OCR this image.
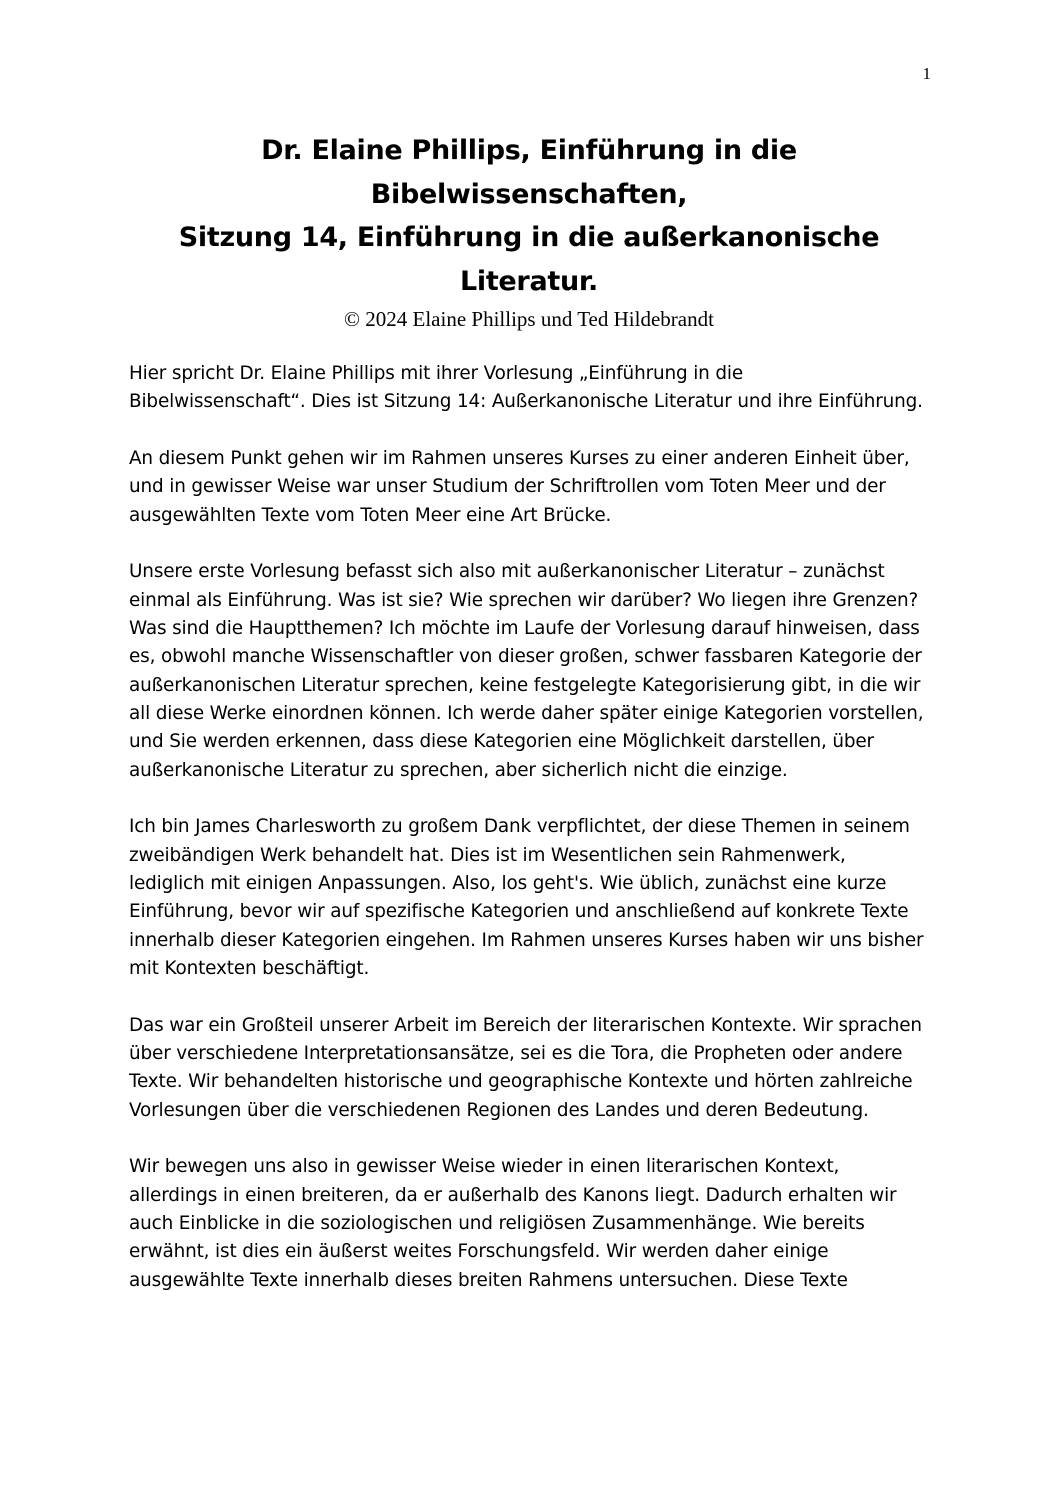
1
Dr. Elaine Phillips, Einführung in die
Bibelwissenschaften,
Sitzung 14, Einführung in die außerkanonische
Literatur.
© 2024 Elaine Phillips und Ted Hildebrandt

Hier spricht Dr. Elaine Phillips mit ihrer Vorlesung „Einführung in die Bibelwissenschaft“. Dies ist Sitzung 14: Außerkanonische Literatur und ihre Einführung.

An diesem Punkt gehen wir im Rahmen unseres Kurses zu einer anderen Einheit über, und in gewisser Weise war unser Studium der Schriftrollen vom Toten Meer und der ausgewählten Texte vom Toten Meer eine Art Brücke.

Unsere erste Vorlesung befasst sich also mit außerkanonischer Literatur – zunächst einmal als Einführung. Was ist sie? Wie sprechen wir darüber? Wo liegen ihre Grenzen? Was sind die Hauptthemen? Ich möchte im Laufe der Vorlesung darauf hinweisen, dass es, obwohl manche Wissenschaftler von dieser großen, schwer fassbaren Kategorie der außerkanonischen Literatur sprechen, keine festgelegte Kategorisierung gibt, in die wir all diese Werke einordnen können. Ich werde daher später einige Kategorien vorstellen, und Sie werden erkennen, dass diese Kategorien eine Möglichkeit darstellen, über außerkanonische Literatur zu sprechen, aber sicherlich nicht die einzige.

Ich bin James Charlesworth zu großem Dank verpflichtet, der diese Themen in seinem zweibändigen Werk behandelt hat. Dies ist im Wesentlichen sein Rahmenwerk, lediglich mit einigen Anpassungen. Also, los geht's. Wie üblich, zunächst eine kurze Einführung, bevor wir auf spezifische Kategorien und anschließend auf konkrete Texte innerhalb dieser Kategorien eingehen. Im Rahmen unseres Kurses haben wir uns bisher mit Kontexten beschäftigt.

Das war ein Großteil unserer Arbeit im Bereich der literarischen Kontexte. Wir sprachen über verschiedene Interpretationsansätze, sei es die Tora, die Propheten oder andere Texte. Wir behandelten historische und geographische Kontexte und hörten zahlreiche Vorlesungen über die verschiedenen Regionen des Landes und deren Bedeutung.

Wir bewegen uns also in gewisser Weise wieder in einen literarischen Kontext, allerdings in einen breiteren, da er außerhalb des Kanons liegt. Dadurch erhalten wir auch Einblicke in die soziologischen und religiösen Zusammenhänge. Wie bereits erwähnt, ist dies ein äußerst weites Forschungsfeld. Wir werden daher einige ausgewählte Texte innerhalb dieses breiten Rahmens untersuchen. Diese Texte
